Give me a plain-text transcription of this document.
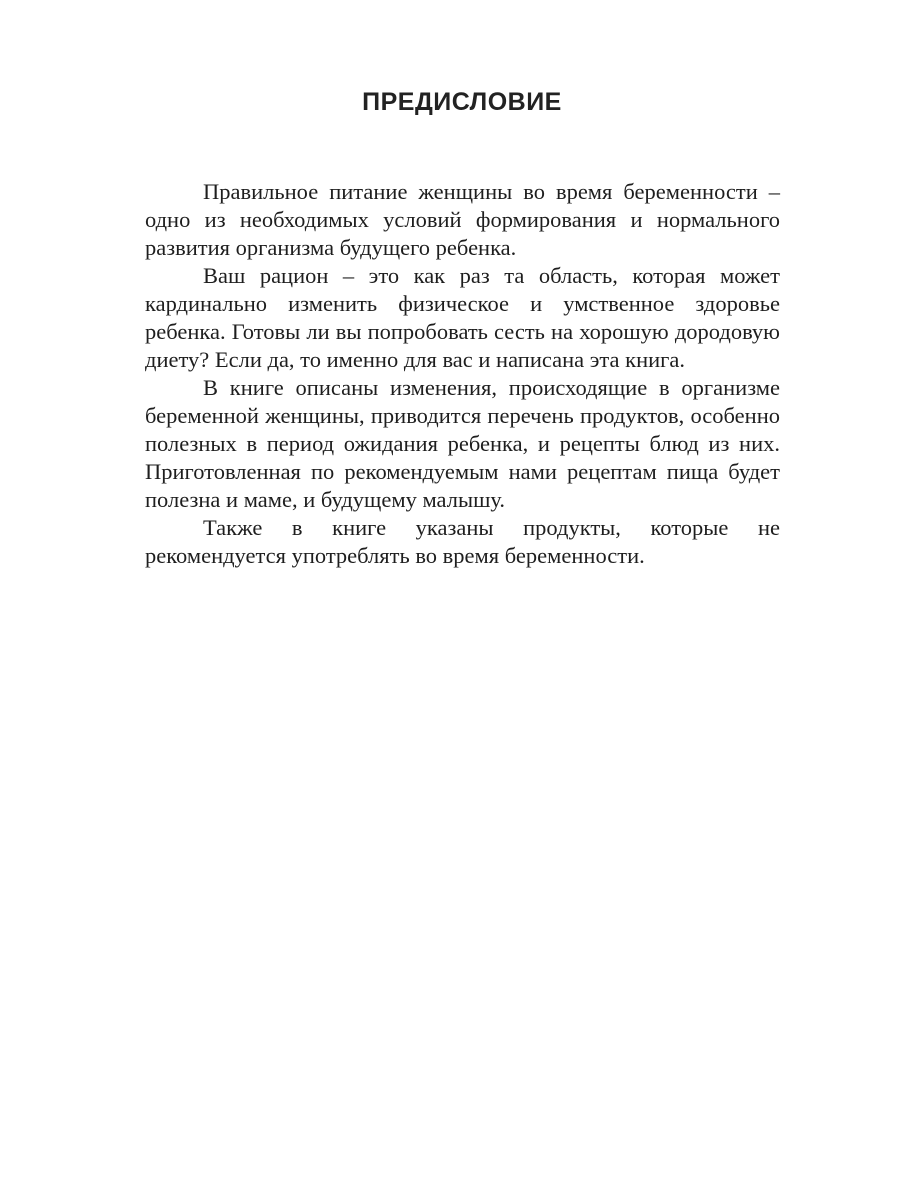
ПРЕДИСЛОВИЕ

Правильное питание женщины во время беременности – одно из необходимых условий формирования и нормального развития организма будущего ребенка.

Ваш рацион – это как раз та область, которая может кардинально изменить физическое и умственное здоровье ребенка. Готовы ли вы попробовать сесть на хорошую дородовую диету? Если да, то именно для вас и написана эта книга.

В книге описаны изменения, происходящие в организме беременной женщины, приводится перечень продуктов, особенно полезных в период ожидания ребенка, и рецепты блюд из них. Приготовленная по рекомендуемым нами рецептам пища будет полезна и маме, и будущему малышу.

Также в книге указаны продукты, которые не рекомендуется употреблять во время беременности.
